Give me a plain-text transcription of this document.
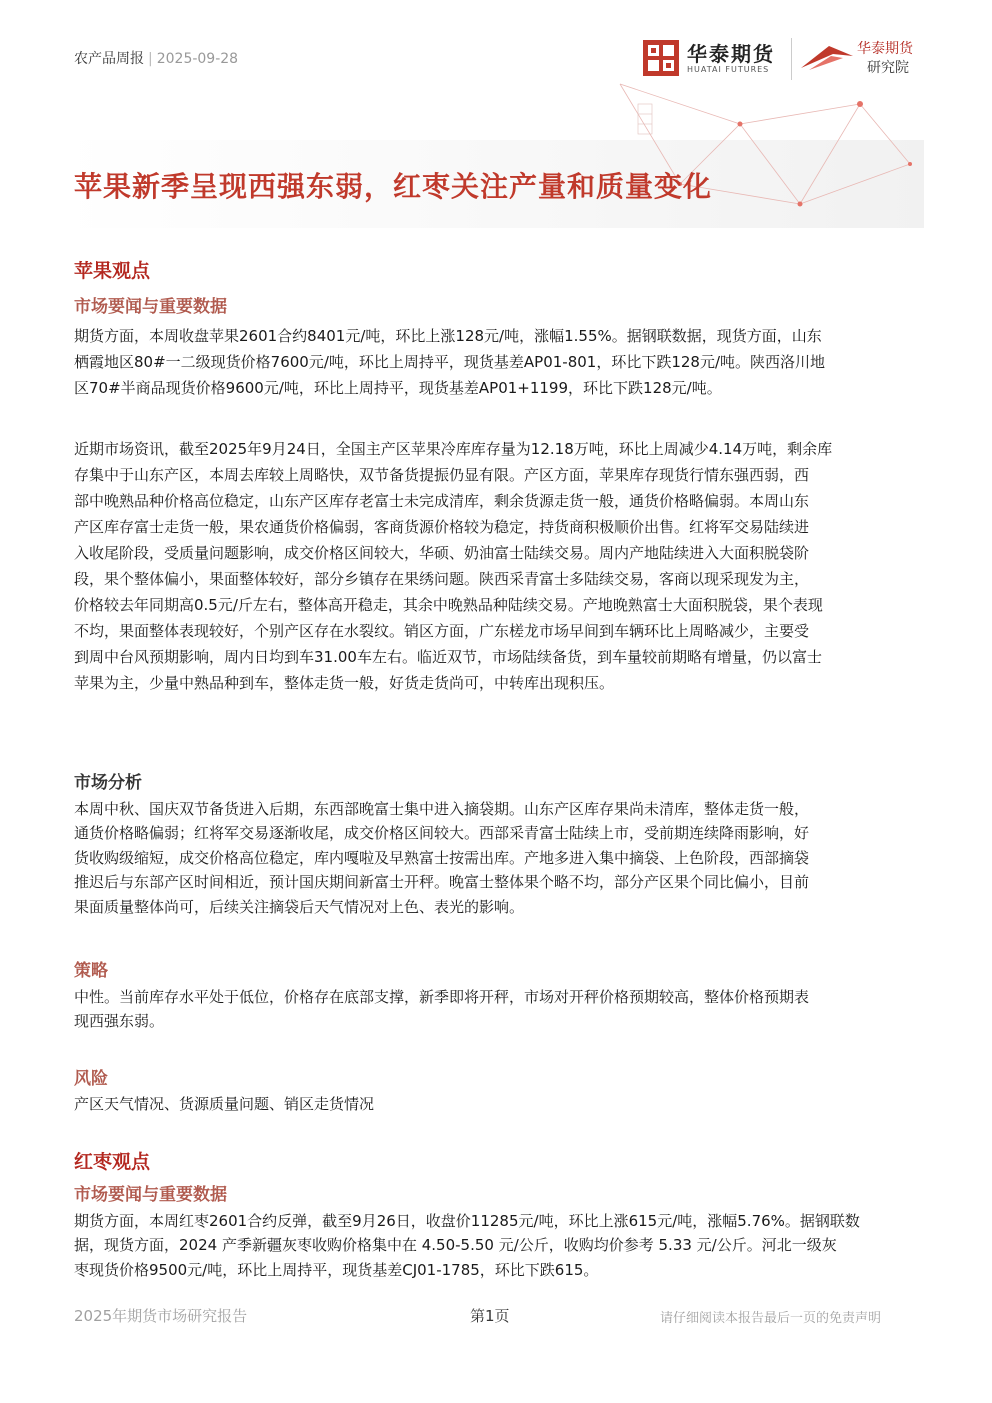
农产品周报 | 2025-09-28	华泰期货
HUATAI FUTURES
华泰期货
研究院
苹果新季呈现西强东弱，红枣关注产量和质量变化
苹果观点
市场要闻与重要数据
期货方面，本周收盘苹果2601合约8401元/吨，环比上涨128元/吨，涨幅1.55%。据钢联数据，现货方面，山东
栖霞地区80#一二级现货价格7600元/吨，环比上周持平，现货基差AP01-801，环比下跌128元/吨。陕西洛川地
区70#半商品现货价格9600元/吨，环比上周持平，现货基差AP01+1199，环比下跌128元/吨。
近期市场资讯，截至2025年9月24日，全国主产区苹果冷库库存量为12.18万吨，环比上周减少4.14万吨，剩余库
存集中于山东产区，本周去库较上周略快，双节备货提振仍显有限。产区方面，苹果库存现货行情东强西弱，西
部中晚熟品种价格高位稳定，山东产区库存老富士未完成清库，剩余货源走货一般，通货价格略偏弱。本周山东
产区库存富士走货一般，果农通货价格偏弱，客商货源价格较为稳定，持货商积极顺价出售。红将军交易陆续进
入收尾阶段，受质量问题影响，成交价格区间较大，华硕、奶油富士陆续交易。周内产地陆续进入大面积脱袋阶
段，果个整体偏小，果面整体较好，部分乡镇存在果绣问题。陕西采青富士多陆续交易，客商以现采现发为主，
价格较去年同期高0.5元/斤左右，整体高开稳走，其余中晚熟品种陆续交易。产地晚熟富士大面积脱袋，果个表现
不均，果面整体表现较好，个别产区存在水裂纹。销区方面，广东槎龙市场早间到车辆环比上周略减少，主要受
到周中台风预期影响，周内日均到车31.00车左右。临近双节，市场陆续备货，到车量较前期略有增量，仍以富士
苹果为主，少量中熟品种到车，整体走货一般，好货走货尚可，中转库出现积压。
市场分析
本周中秋、国庆双节备货进入后期，东西部晚富士集中进入摘袋期。山东产区库存果尚未清库，整体走货一般，
通货价格略偏弱；红将军交易逐渐收尾，成交价格区间较大。西部采青富士陆续上市，受前期连续降雨影响，好
货收购级缩短，成交价格高位稳定，库内嘎啦及早熟富士按需出库。产地多进入集中摘袋、上色阶段，西部摘袋
推迟后与东部产区时间相近，预计国庆期间新富士开秤。晚富士整体果个略不均，部分产区果个同比偏小，目前
果面质量整体尚可，后续关注摘袋后天气情况对上色、表光的影响。
策略
中性。当前库存水平处于低位，价格存在底部支撑，新季即将开秤，市场对开秤价格预期较高，整体价格预期表
现西强东弱。
风险
产区天气情况、货源质量问题、销区走货情况
红枣观点
市场要闻与重要数据
期货方面，本周红枣2601合约反弹，截至9月26日，收盘价11285元/吨，环比上涨615元/吨，涨幅5.76%。据钢联数
据，现货方面，2024 产季新疆灰枣收购价格集中在 4.50-5.50 元/公斤，收购均价参考 5.33 元/公斤。河北一级灰
枣现货价格9500元/吨，环比上周持平，现货基差CJ01-1785，环比下跌615。
2025年期货市场研究报告	第1页	请仔细阅读本报告最后一页的免责声明
